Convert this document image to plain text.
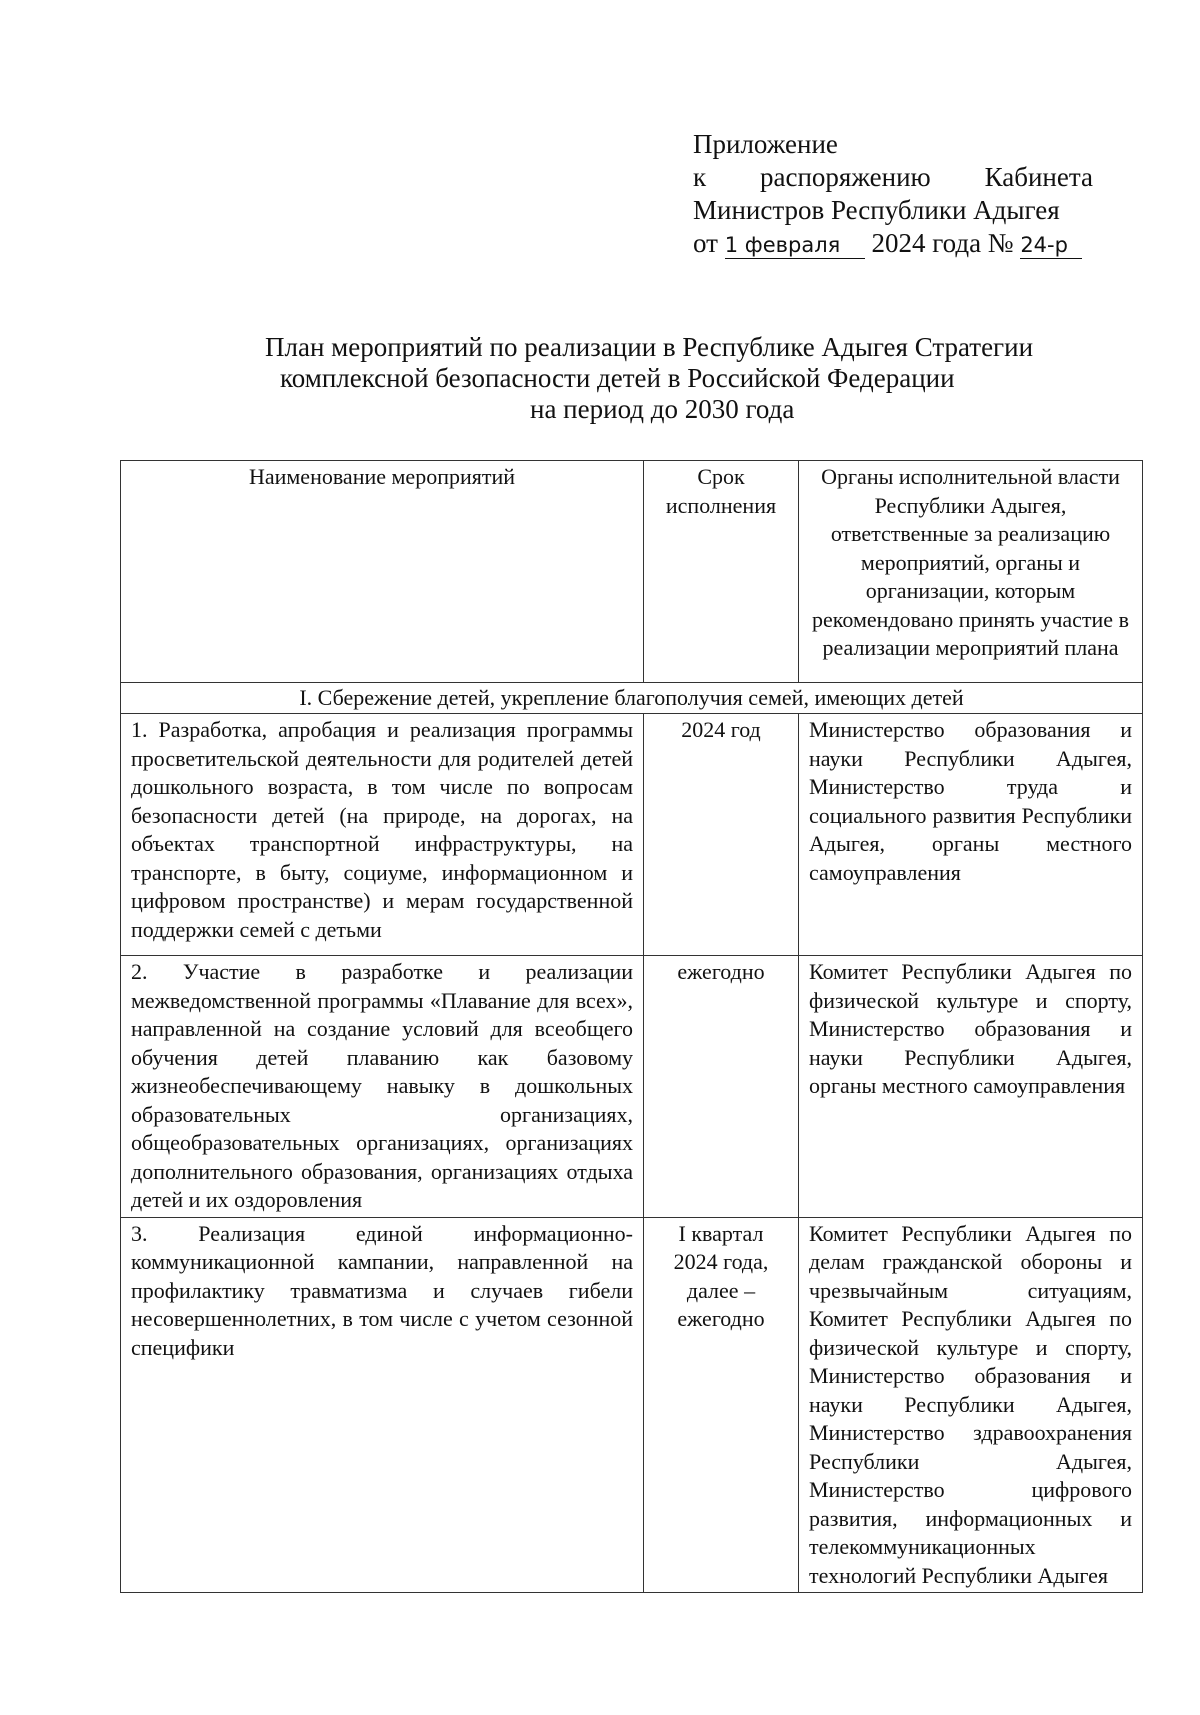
Приложение
к распоряжению Кабинета
Министров Республики Адыгея
от 1 февраля 2024 года № 24-р
План мероприятий по реализации в Республике Адыгея Стратегии
комплексной безопасности детей в Российской Федерации
на период до 2030 года
Наименование мероприятий	Срок исполнения	Органы исполнительной власти Республики Адыгея, ответственные за реализацию мероприятий, органы и организации, которым рекомендовано принять участие в реализации мероприятий плана
I. Сбережение детей, укрепление благополучия семей, имеющих детей		
1. Разработка, апробация и реализация программы просветительской деятельности для родителей детей дошкольного возраста, в том числе по вопросам безопасности детей (на природе, на дорогах, на объектах транспортной инфраструктуры, на транспорте, в быту, социуме, информационном и цифровом пространстве) и мерам государственной поддержки семей с детьми	2024 год	Министерство образования и науки Республики Адыгея, Министерство труда и социального развития Республики Адыгея, органы местного самоуправления
2. Участие в разработке и реализации межведомственной программы «Плавание для всех», направленной на создание условий для всеобщего обучения детей плаванию как базовому жизнеобеспечивающему навыку в дошкольных образовательных организациях, общеобразовательных организациях, организациях дополнительного образования, организациях отдыха детей и их оздоровления	ежегодно	Комитет Республики Адыгея по физической культуре и спорту, Министерство образования и науки Республики Адыгея, органы местного самоуправления
3. Реализация единой информационно-коммуникационной кампании, направленной на профилактику травматизма и случаев гибели несовершеннолетних, в том числе с учетом сезонной специфики	I квартал 2024 года, далее – ежегодно	Комитет Республики Адыгея по делам гражданской обороны и чрезвычайным ситуациям, Комитет Республики Адыгея по физической культуре и спорту, Министерство образования и науки Республики Адыгея, Министерство здравоохранения Республики Адыгея, Министерство цифрового развития, информационных и телекоммуникационных технологий Республики Адыгея
